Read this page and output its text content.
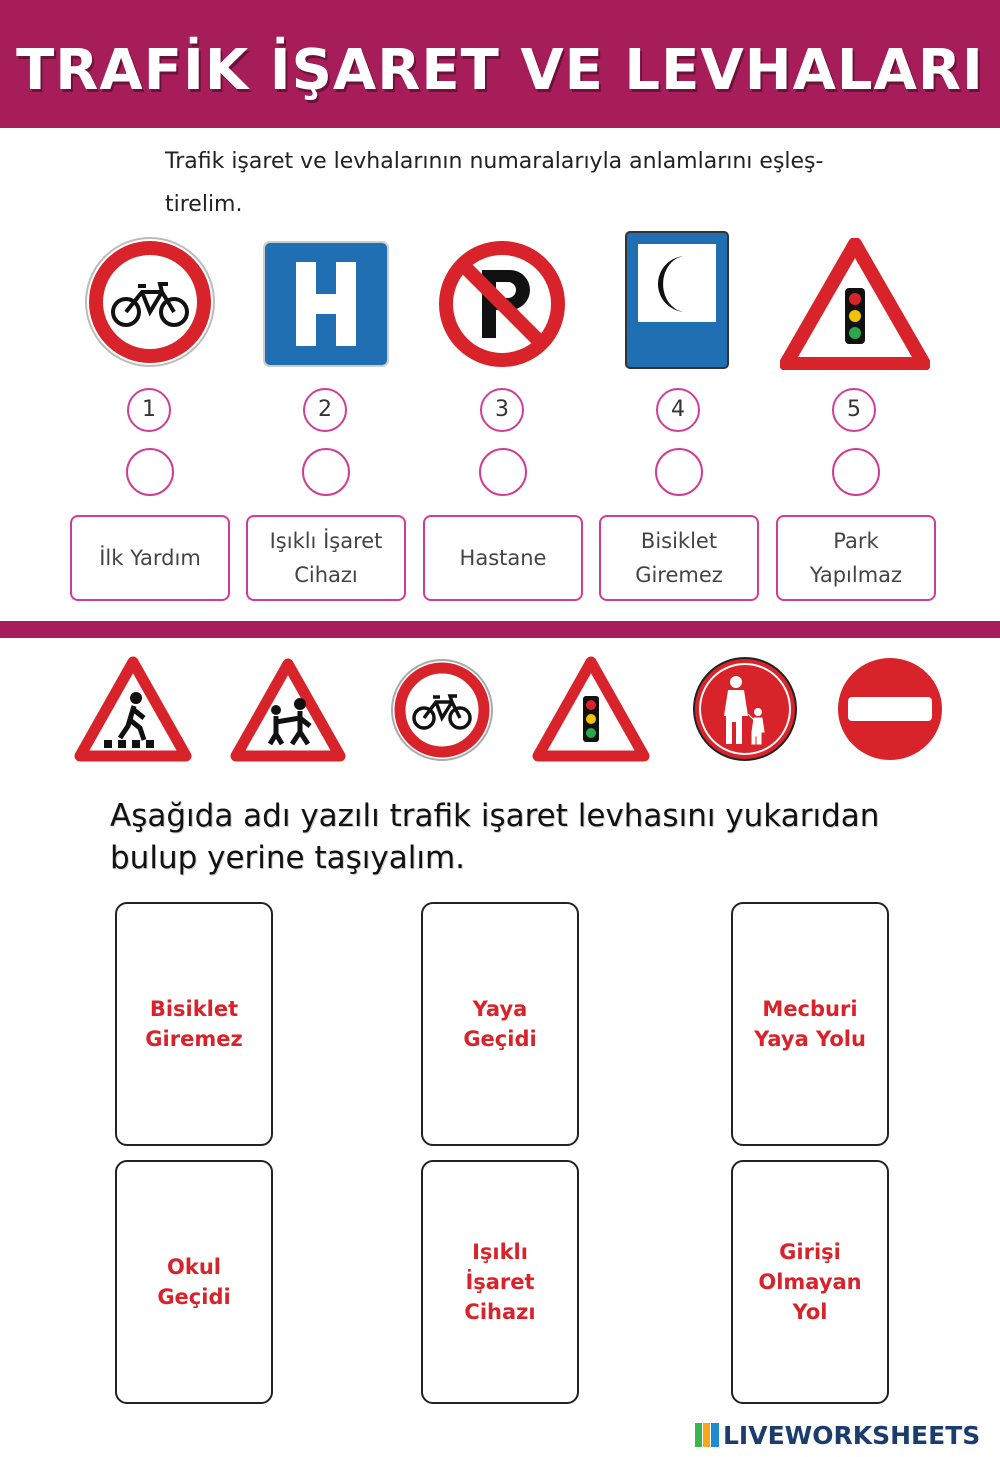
TRAFİK İŞARET VE LEVHALARI
Trafik işaret ve levhalarının numaralarıyla anlamlarını eşleş-
tirelim.
1	2	3	4	5
İlk Yardım
Işıklı İşaret
Cihazı
Hastane
Bisiklet
Giremez
Park
Yapılmaz
Aşağıda adı yazılı trafik işaret levhasını yukarıdan
bulup yerine taşıyalım.
Bisiklet
Giremez
Yaya
Geçidi
Mecburi
Yaya Yolu
Okul
Geçidi
Işıklı
İşaret
Cihazı
Girişi
Olmayan
Yol
LIVEWORKSHEETS
